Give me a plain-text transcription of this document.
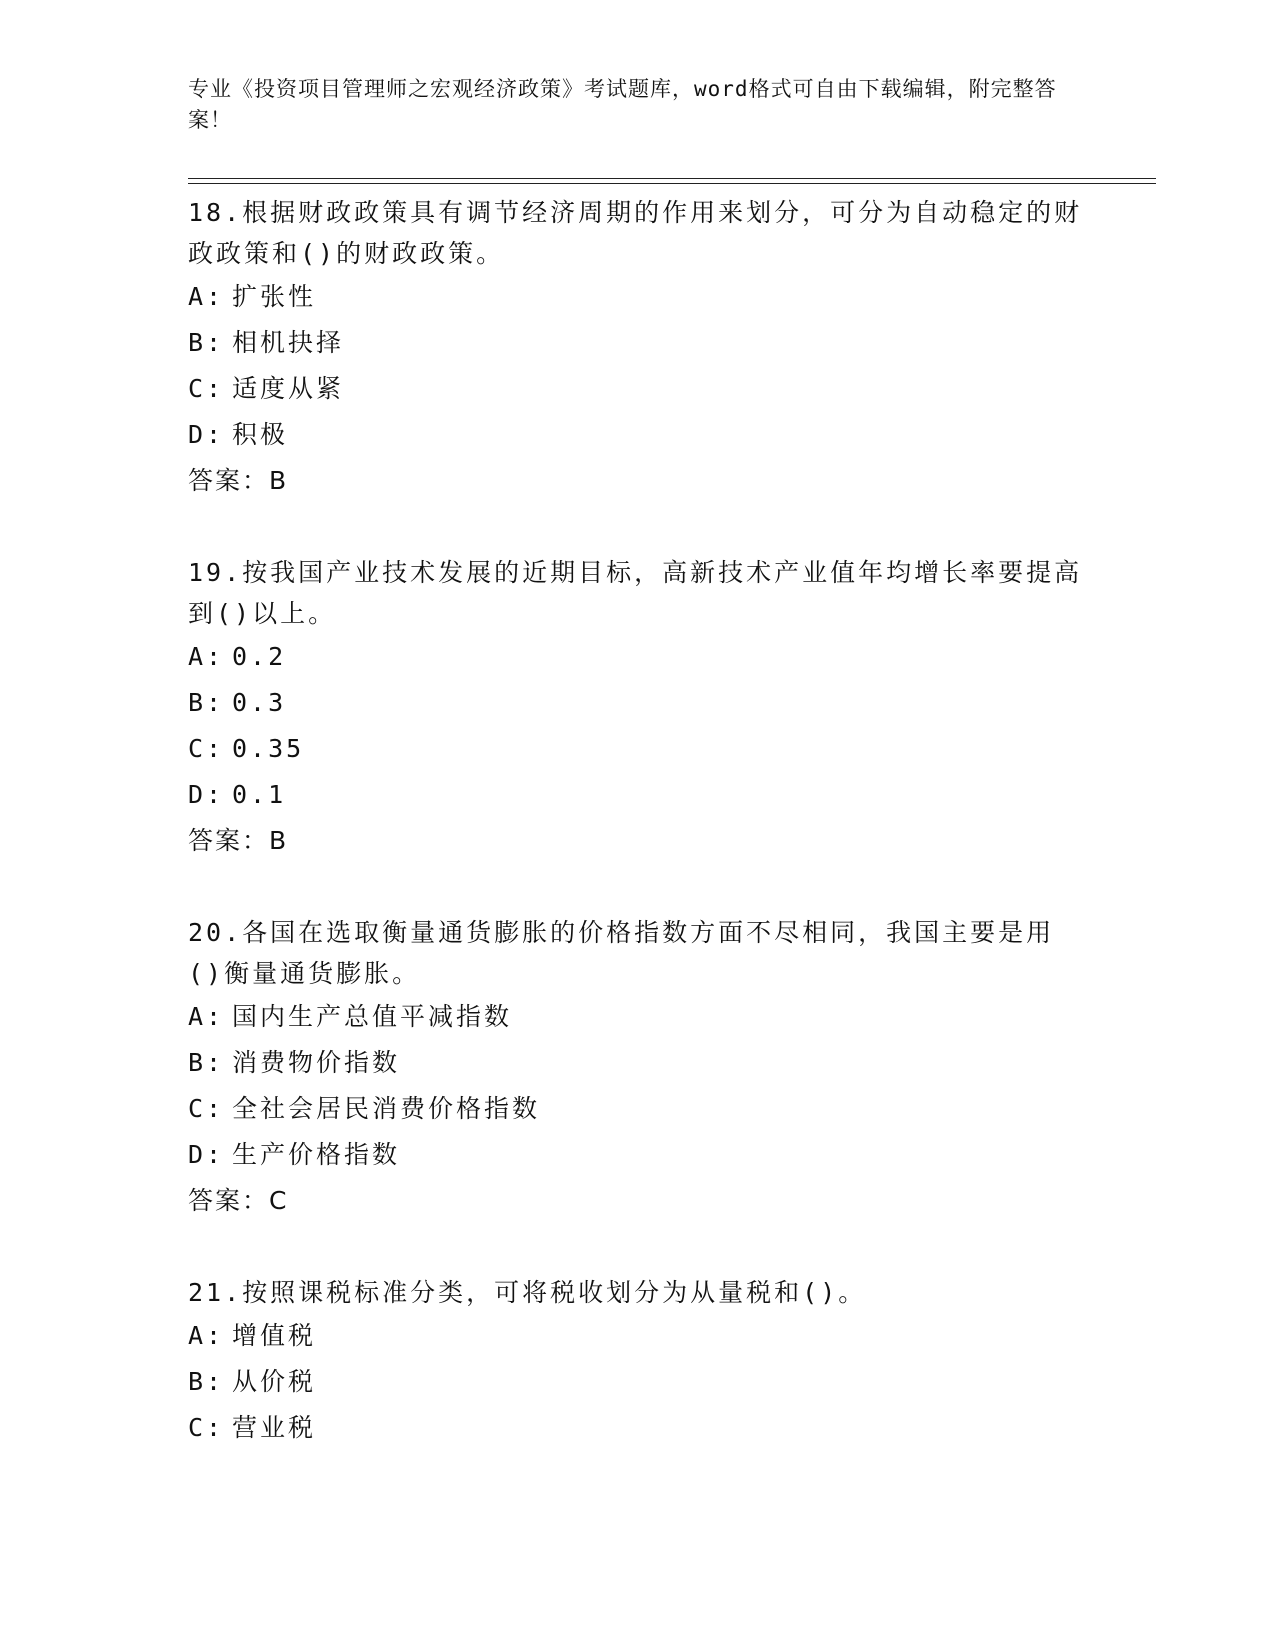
专业《投资项目管理师之宏观经济政策》考试题库，word格式可自由下载编辑，附完整答案！

18.根据财政政策具有调节经济周期的作用来划分，可分为自动稳定的财政政策和()的财政政策。

A: 扩张性
B: 相机抉择
C: 适度从紧
D: 积极
答案：B

19.按我国产业技术发展的近期目标，高新技术产业值年均增长率要提高到()以上。

A: 0.2
B: 0.3
C: 0.35
D: 0.1
答案：B

20.各国在选取衡量通货膨胀的价格指数方面不尽相同，我国主要是用()衡量通货膨胀。

A: 国内生产总值平减指数
B: 消费物价指数
C: 全社会居民消费价格指数
D: 生产价格指数
答案：C

21.按照课税标准分类，可将税收划分为从量税和()。

A: 增值税
B: 从价税
C: 营业税
